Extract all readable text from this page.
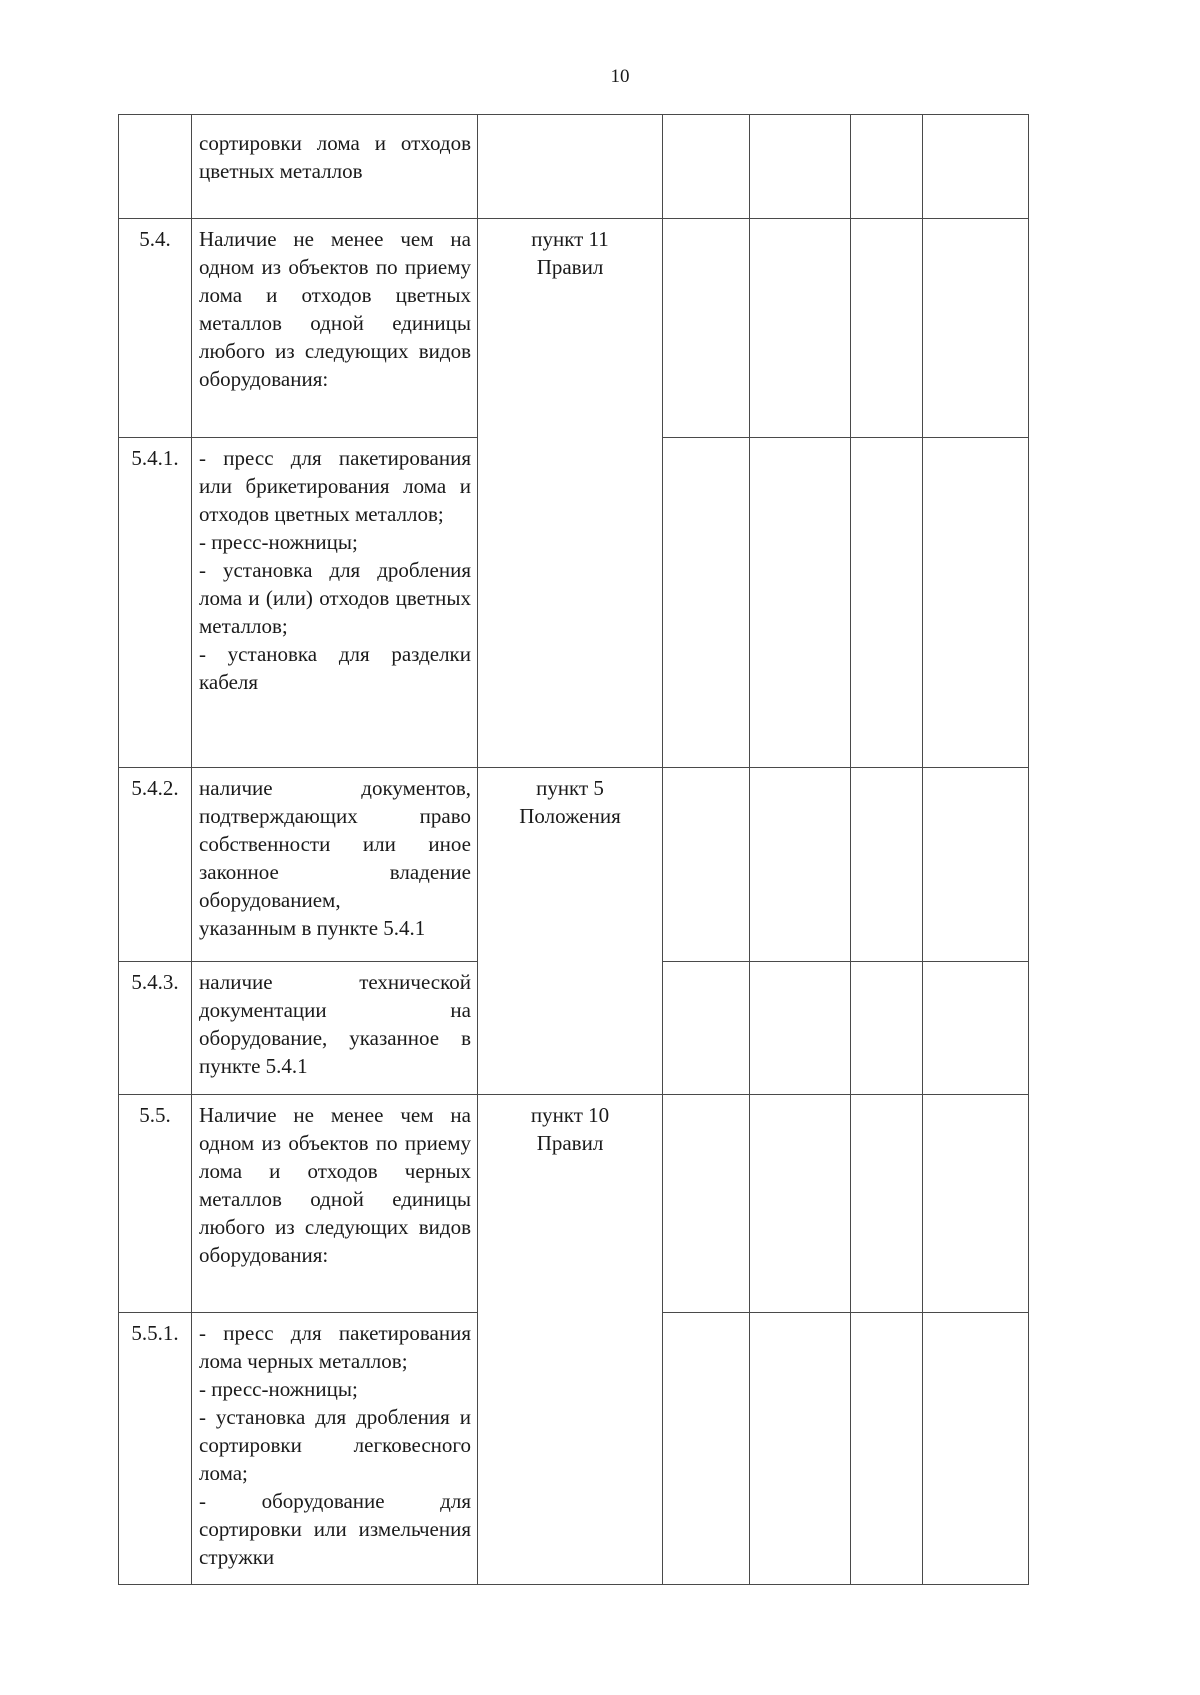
10
	сортировки лома и отходов цветных металлов					
5.4.	Наличие не менее чем на одном из объектов по приему лома и отходов цветных металлов одной единицы любого из следующих видов оборудования:	пункт 11
Правил				
5.4.1.	- пресс для пакетирования или брикетирования лома и отходов цветных металлов;
- пресс-ножницы;
- установка для дробления лома и (или) отходов цветных металлов;
- установка для разделки кабеля					
5.4.2.	наличие документов, подтверждающих право собственности или иное законное владение оборудованием,
указанным в пункте 5.4.1	пункт 5
Положения				
5.4.3.	наличие технической документации на оборудование, указанное в пункте 5.4.1					
5.5.	Наличие не менее чем на одном из объектов по приему лома и отходов черных металлов одной единицы любого из следующих видов оборудования:	пункт 10
Правил				
5.5.1.	- пресс для пакетирования лома черных металлов;
- пресс-ножницы;
- установка для дробления и сортировки легковесного лома;
- оборудование для сортировки или измельчения стружки					
